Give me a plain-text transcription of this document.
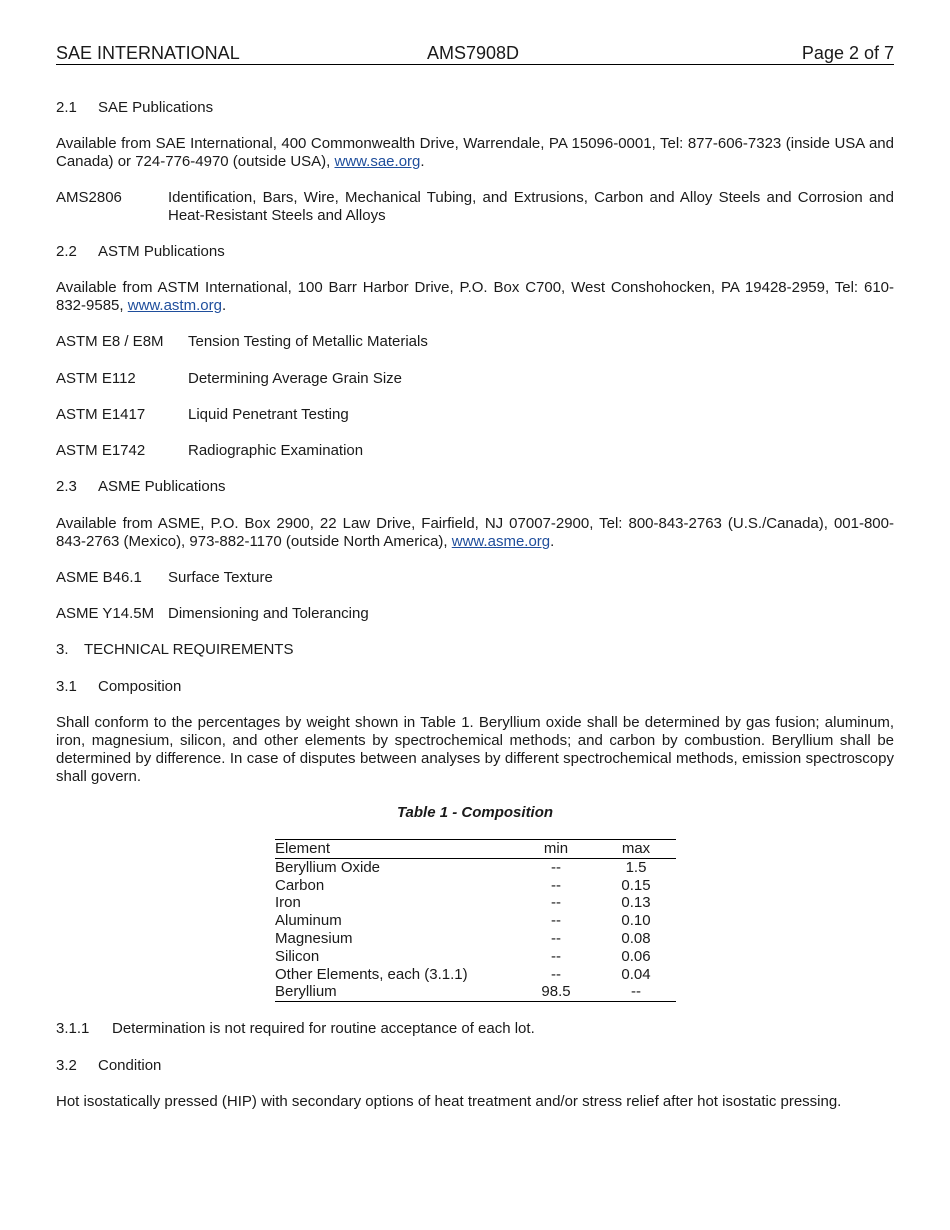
SAE INTERNATIONAL	AMS7908D	Page 2 of 7
2.1 SAE Publications
Available from SAE International, 400 Commonwealth Drive, Warrendale, PA 15096-0001, Tel: 877-606-7323 (inside USA and Canada) or 724-776-4970 (outside USA), www.sae.org.
AMS2806	Identification, Bars, Wire, Mechanical Tubing, and Extrusions, Carbon and Alloy Steels and Corrosion and Heat-Resistant Steels and Alloys
2.2 ASTM Publications
Available from ASTM International, 100 Barr Harbor Drive, P.O. Box C700, West Conshohocken, PA 19428-2959, Tel: 610-832-9585, www.astm.org.
ASTM E8 / E8M Tension Testing of Metallic Materials
ASTM E112	Determining Average Grain Size
ASTM E1417	Liquid Penetrant Testing
ASTM E1742	Radiographic Examination
2.3 ASME Publications
Available from ASME, P.O. Box 2900, 22 Law Drive, Fairfield, NJ 07007-2900, Tel: 800-843-2763 (U.S./Canada), 001-800-843-2763 (Mexico), 973-882-1170 (outside North America), www.asme.org.
ASME B46.1 Surface Texture
ASME Y14.5M Dimensioning and Tolerancing
3. TECHNICAL REQUIREMENTS
3.1 Composition
Shall conform to the percentages by weight shown in Table 1. Beryllium oxide shall be determined by gas fusion; aluminum, iron, magnesium, silicon, and other elements by spectrochemical methods; and carbon by combustion. Beryllium shall be determined by difference. In case of disputes between analyses by different spectrochemical methods, emission spectroscopy shall govern.
Table 1 - Composition
Element	min	max
Beryllium Oxide	--	1.5
Carbon	--	0.15
Iron	--	0.13
Aluminum	--	0.10
Magnesium	--	0.08
Silicon	--	0.06
Other Elements, each (3.1.1)	--	0.04
Beryllium	98.5	--
3.1.1 Determination is not required for routine acceptance of each lot.
3.2 Condition
Hot isostatically pressed (HIP) with secondary options of heat treatment and/or stress relief after hot isostatic pressing.
